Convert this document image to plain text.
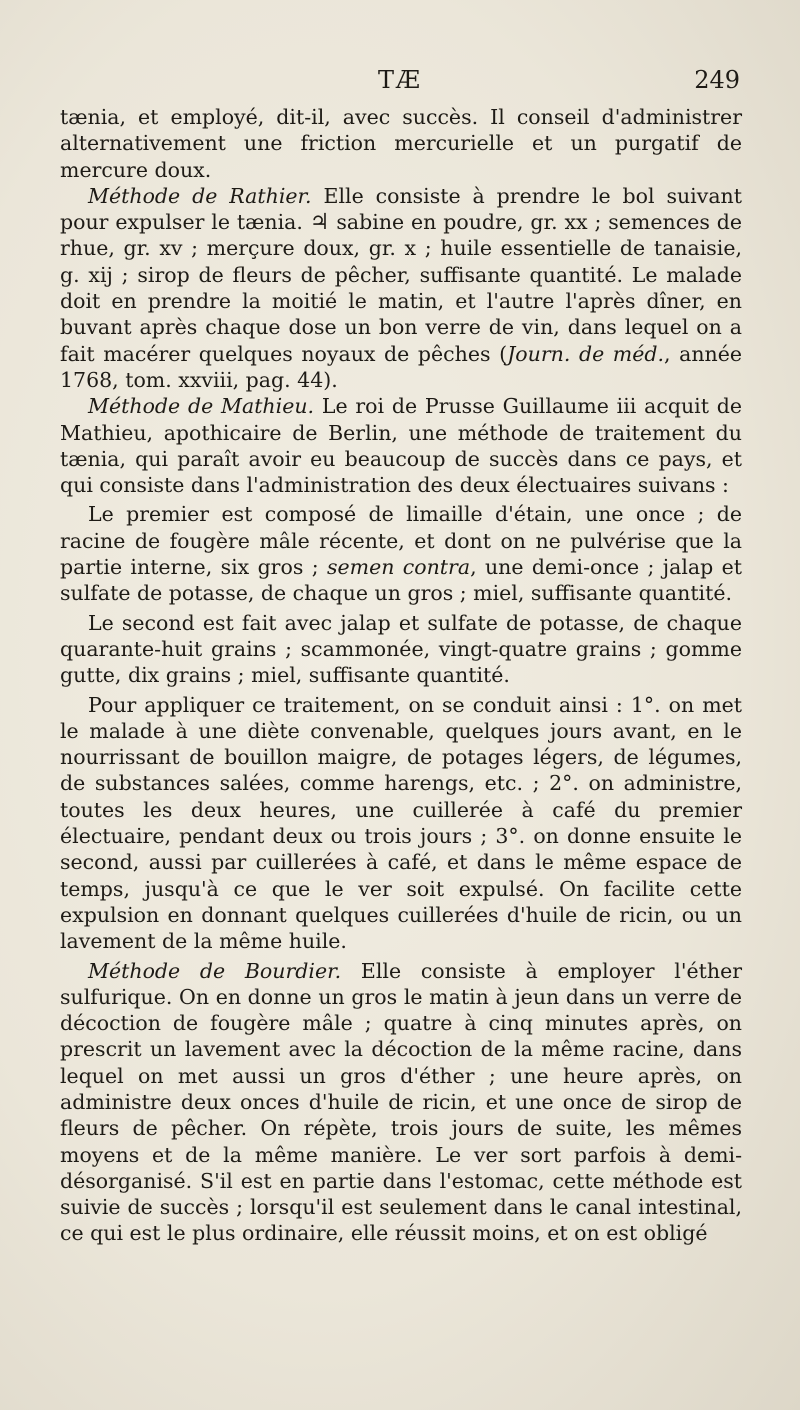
TÆ	249

tænia, et employé, dit-il, avec succès. Il conseil d'administrer alternativement une friction mercurielle et un purgatif de mercure doux.

Méthode de Rathier. Elle consiste à prendre le bol suivant pour expulser le tænia. ♃ sabine en poudre, gr. xx ; semences de rhue, gr. xv ; merçure doux, gr. x ; huile essentielle de tanaisie, g. xij ; sirop de fleurs de pêcher, suffisante quantité. Le malade doit en prendre la moitié le matin, et l'autre l'après dîner, en buvant après chaque dose un bon verre de vin, dans lequel on a fait macérer quelques noyaux de pêches (Journ. de méd., année 1768, tom. xxviii, pag. 44).

Méthode de Mathieu. Le roi de Prusse Guillaume iii acquit de Mathieu, apothicaire de Berlin, une méthode de traitement du tænia, qui paraît avoir eu beaucoup de succès dans ce pays, et qui consiste dans l'administration des deux électuaires suivans :

Le premier est composé de limaille d'étain, une once ; de racine de fougère mâle récente, et dont on ne pulvérise que la partie interne, six gros ; semen contra, une demi-once ; jalap et sulfate de potasse, de chaque un gros ; miel, suffisante quantité.

Le second est fait avec jalap et sulfate de potasse, de chaque quarante-huit grains ; scammonée, vingt-quatre grains ; gomme gutte, dix grains ; miel, suffisante quantité.

Pour appliquer ce traitement, on se conduit ainsi : 1°. on met le malade à une diète convenable, quelques jours avant, en le nourrissant de bouillon maigre, de potages légers, de légumes, de substances salées, comme harengs, etc. ; 2°. on administre, toutes les deux heures, une cuillerée à café du premier électuaire, pendant deux ou trois jours ; 3°. on donne ensuite le second, aussi par cuillerées à café, et dans le même espace de temps, jusqu'à ce que le ver soit expulsé. On facilite cette expulsion en donnant quelques cuillerées d'huile de ricin, ou un lavement de la même huile.

Méthode de Bourdier. Elle consiste à employer l'éther sulfurique. On en donne un gros le matin à jeun dans un verre de décoction de fougère mâle ; quatre à cinq minutes après, on prescrit un lavement avec la décoction de la même racine, dans lequel on met aussi un gros d'éther ; une heure après, on administre deux onces d'huile de ricin, et une once de sirop de fleurs de pêcher. On répète, trois jours de suite, les mêmes moyens et de la même manière. Le ver sort parfois à demi-désorganisé. S'il est en partie dans l'estomac, cette méthode est suivie de succès ; lorsqu'il est seulement dans le canal intestinal, ce qui est le plus ordinaire, elle réussit moins, et on est obligé
